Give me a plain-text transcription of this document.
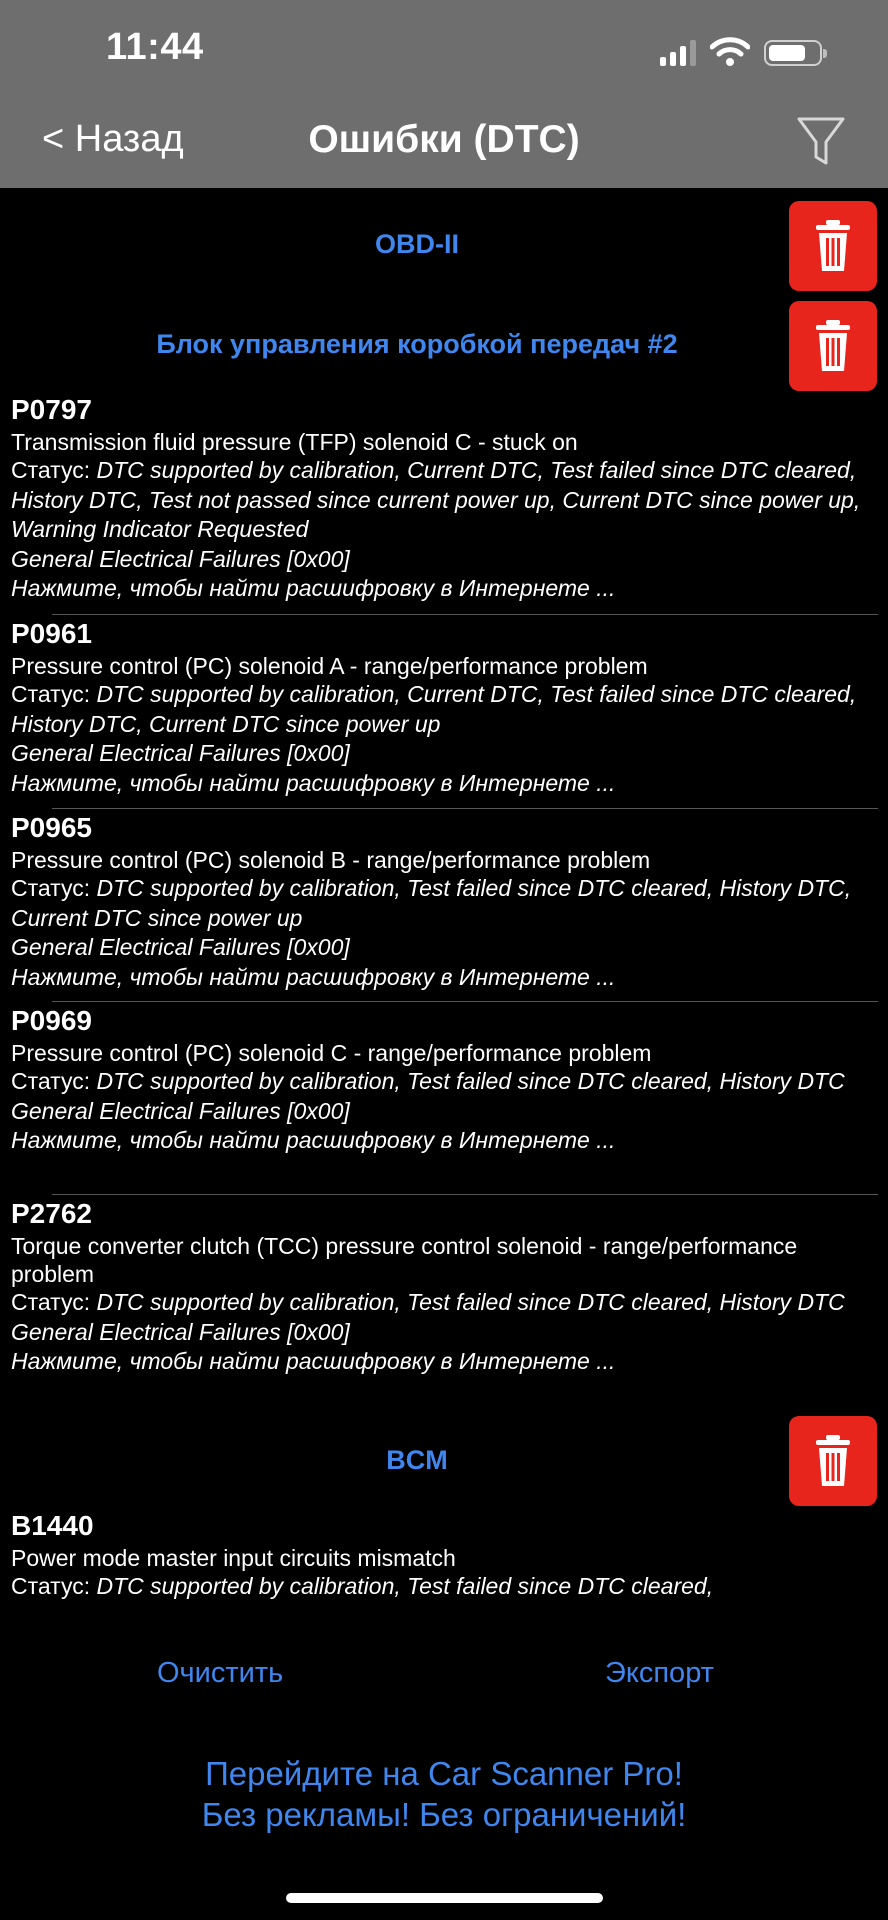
11:44
< Назад	Ошибки (DTC)
OBD-II
Блок управления коробкой передач #2
P0797
Transmission fluid pressure (TFP) solenoid C - stuck on
Статус: DTC supported by calibration, Current DTC, Test failed since DTC cleared, History DTC, Test not passed since current power up, Current DTC since power up, Warning Indicator Requested
General Electrical Failures [0x00]
Нажмите, чтобы найти расшифровку в Интернете ...
P0961
Pressure control (PC) solenoid A - range/performance problem
Статус: DTC supported by calibration, Current DTC, Test failed since DTC cleared, History DTC, Current DTC since power up
General Electrical Failures [0x00]
Нажмите, чтобы найти расшифровку в Интернете ...
P0965
Pressure control (PC) solenoid B - range/performance problem
Статус: DTC supported by calibration, Test failed since DTC cleared, History DTC, Current DTC since power up
General Electrical Failures [0x00]
Нажмите, чтобы найти расшифровку в Интернете ...
P0969
Pressure control (PC) solenoid C - range/performance problem
Статус: DTC supported by calibration, Test failed since DTC cleared, History DTC
General Electrical Failures [0x00]
Нажмите, чтобы найти расшифровку в Интернете ...
P2762
Torque converter clutch (TCC) pressure control solenoid - range/performance problem
Статус: DTC supported by calibration, Test failed since DTC cleared, History DTC
General Electrical Failures [0x00]
Нажмите, чтобы найти расшифровку в Интернете ...
BCM
B1440
Power mode master input circuits mismatch
Статус: DTC supported by calibration, Test failed since DTC cleared,
Очистить	Экспорт
Перейдите на Car Scanner Pro!
Без рекламы! Без ограничений!
